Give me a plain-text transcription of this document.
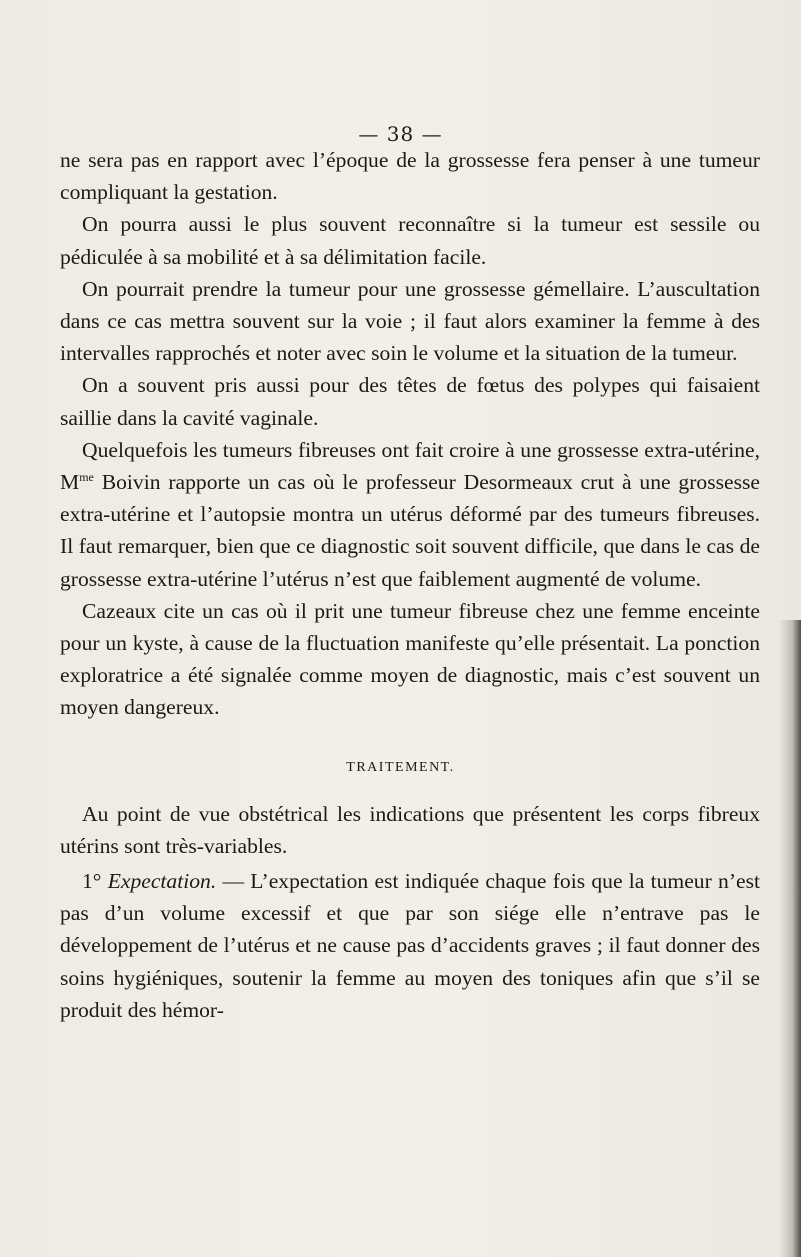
— 38 —

ne sera pas en rapport avec l’époque de la grossesse fera penser à une tumeur compliquant la gestation.

On pourra aussi le plus souvent reconnaître si la tumeur est sessile ou pédiculée à sa mobilité et à sa délimitation facile.

On pourrait prendre la tumeur pour une grossesse gémellaire. L’auscultation dans ce cas mettra souvent sur la voie ; il faut alors examiner la femme à des intervalles rapprochés et noter avec soin le volume et la situation de la tumeur.

On a souvent pris aussi pour des têtes de fœtus des polypes qui faisaient saillie dans la cavité vaginale.

Quelquefois les tumeurs fibreuses ont fait croire à une grossesse extra-utérine, $M^{me}$ Boivin rapporte un cas où le professeur Desormeaux crut à une grossesse extra-utérine et l’autopsie montra un utérus déformé par des tumeurs fibreuses. Il faut remarquer, bien que ce diagnostic soit souvent difficile, que dans le cas de grossesse extra-utérine l’utérus n’est que faiblement augmenté de volume.

Cazeaux cite un cas où il prit une tumeur fibreuse chez une femme enceinte pour un kyste, à cause de la fluctuation manifeste qu’elle présentait. La ponction exploratrice a été signalée comme moyen de diagnostic, mais c’est souvent un moyen dangereux.

TRAITEMENT.

Au point de vue obstétrical les indications que présentent les corps fibreux utérins sont très-variables.

1° Expectation. — L’expectation est indiquée chaque fois que la tumeur n’est pas d’un volume excessif et que par son siége elle n’entrave pas le développement de l’utérus et ne cause pas d’accidents graves ; il faut donner des soins hygiéniques, soutenir la femme au moyen des toniques afin que s’il se produit des hémor-
